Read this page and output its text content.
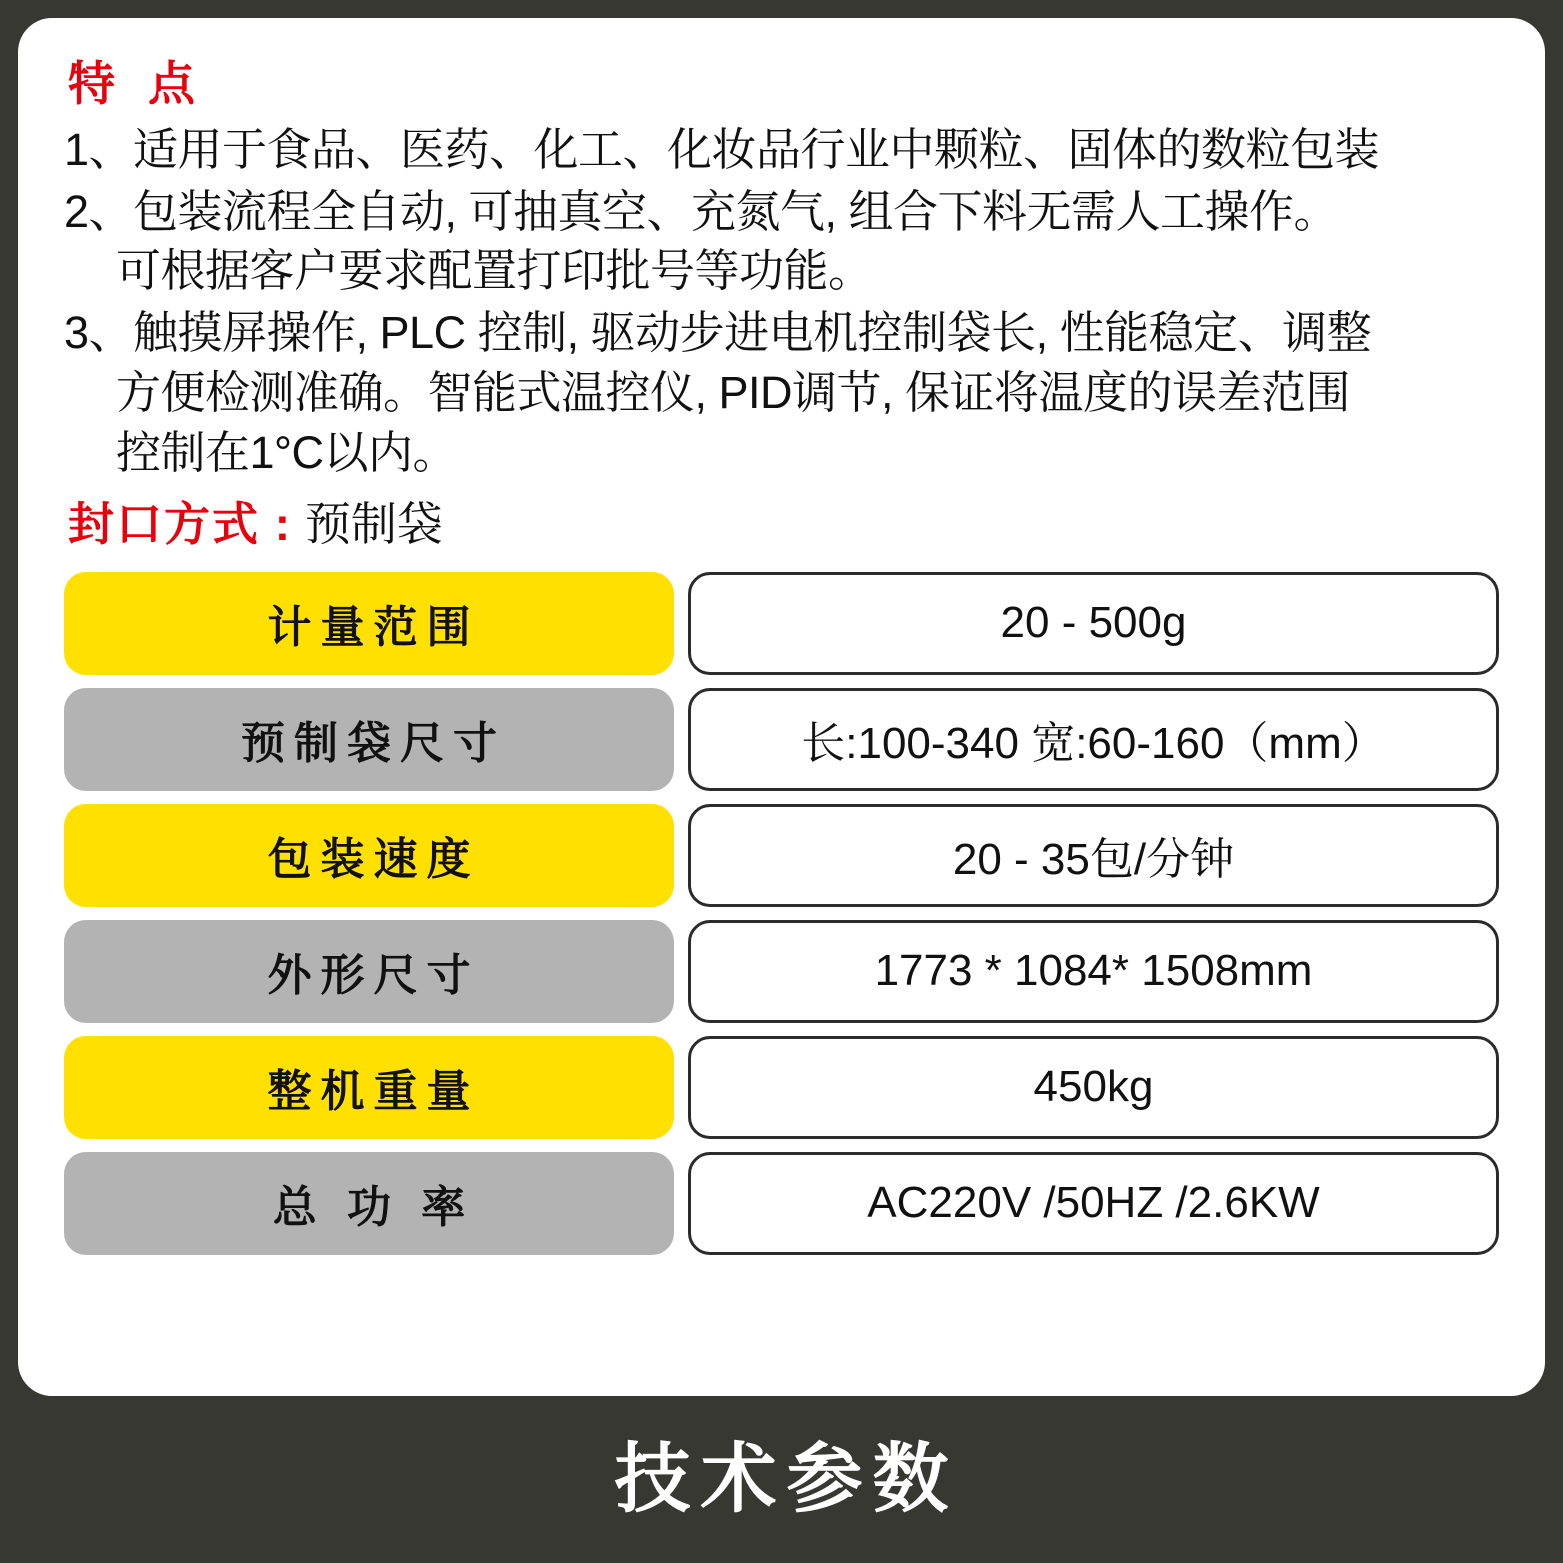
特 点
1、适用于食品、医药、化工、化妆品行业中颗粒、固体的数粒包装
2、包装流程全自动, 可抽真空、充氮气, 组合下料无需人工操作。
可根据客户要求配置打印批号等功能。
3、触摸屏操作, PLC 控制, 驱动步进电机控制袋长, 性能稳定、调整
方便检测准确。智能式温控仪, PID调节, 保证将温度的误差范围
控制在1°C以内。
封口方式 : 预制袋
计量范围	20 - 500g
预制袋尺寸	长:100-340 宽:60-160（mm）
包装速度	20 - 35包/分钟
外形尺寸	1773 * 1084* 1508mm
整机重量	450kg
总 功 率	AC220V /50HZ /2.6KW
技术参数
